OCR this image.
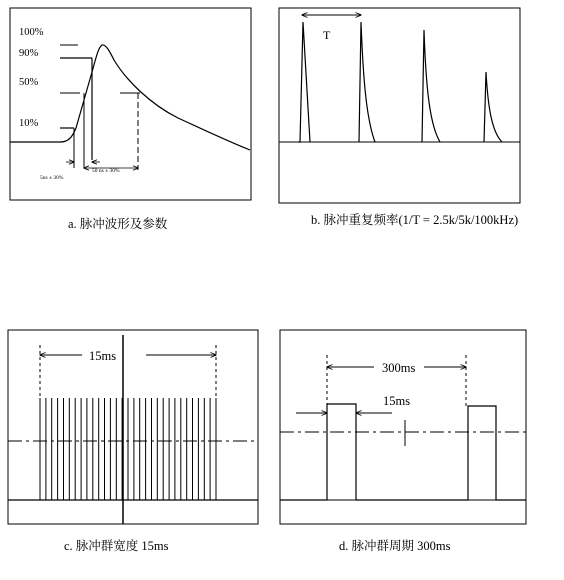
100%
90%
50%
10%
5ns ± 30%
50 ns ± 30%
a. 脉冲波形及参数
T
b. 脉冲重复频率(1/T = 2.5k/5k/100kHz)
15ms
c. 脉冲群宽度 15ms
300ms
15ms
d. 脉冲群周期 300ms
